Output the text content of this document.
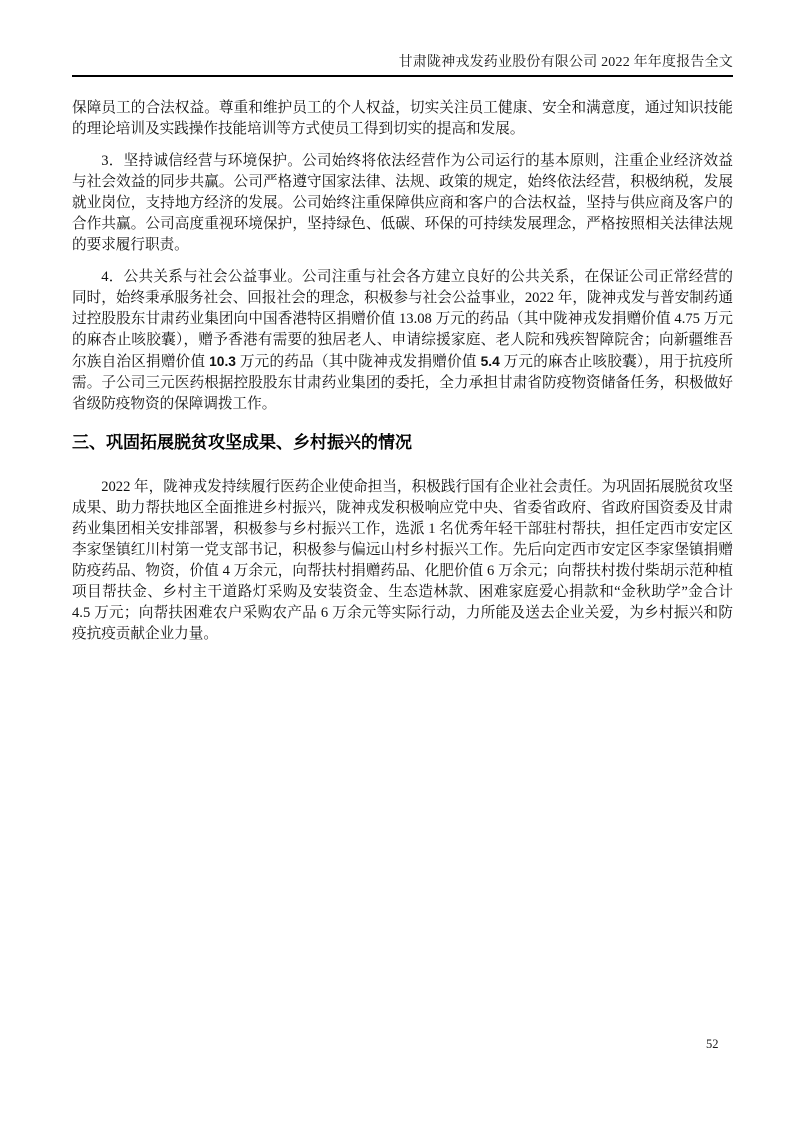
甘肃陇神戎发药业股份有限公司 2022 年年度报告全文

保障员工的合法权益。尊重和维护员工的个人权益，切实关注员工健康、安全和满意度，通过知识技能的理论培训及实践操作技能培训等方式使员工得到切实的提高和发展。

3．坚持诚信经营与环境保护。公司始终将依法经营作为公司运行的基本原则，注重企业经济效益与社会效益的同步共赢。公司严格遵守国家法律、法规、政策的规定，始终依法经营，积极纳税，发展就业岗位，支持地方经济的发展。公司始终注重保障供应商和客户的合法权益，坚持与供应商及客户的合作共赢。公司高度重视环境保护，坚持绿色、低碳、环保的可持续发展理念，严格按照相关法律法规的要求履行职责。

4．公共关系与社会公益事业。公司注重与社会各方建立良好的公共关系，在保证公司正常经营的同时，始终秉承服务社会、回报社会的理念，积极参与社会公益事业，2022 年，陇神戎发与普安制药通过控股股东甘肃药业集团向中国香港特区捐赠价值 13.08 万元的药品（其中陇神戎发捐赠价值 4.75 万元的麻杏止咳胶囊），赠予香港有需要的独居老人、申请综援家庭、老人院和残疾智障院舍；向新疆维吾尔族自治区捐赠价值 10.3 万元的药品（其中陇神戎发捐赠价值 5.4 万元的麻杏止咳胶囊），用于抗疫所需。子公司三元医药根据控股股东甘肃药业集团的委托，全力承担甘肃省防疫物资储备任务，积极做好省级防疫物资的保障调拨工作。

三、巩固拓展脱贫攻坚成果、乡村振兴的情况

2022 年，陇神戎发持续履行医药企业使命担当，积极践行国有企业社会责任。为巩固拓展脱贫攻坚成果、助力帮扶地区全面推进乡村振兴，陇神戎发积极响应党中央、省委省政府、省政府国资委及甘肃药业集团相关安排部署，积极参与乡村振兴工作，选派 1 名优秀年轻干部驻村帮扶，担任定西市安定区李家堡镇红川村第一党支部书记，积极参与偏远山村乡村振兴工作。先后向定西市安定区李家堡镇捐赠防疫药品、物资，价值 4 万余元，向帮扶村捐赠药品、化肥价值 6 万余元；向帮扶村拨付柴胡示范种植项目帮扶金、乡村主干道路灯采购及安装资金、生态造林款、困难家庭爱心捐款和“金秋助学”金合计 4.5 万元；向帮扶困难农户采购农产品 6 万余元等实际行动，力所能及送去企业关爱，为乡村振兴和防疫抗疫贡献企业力量。

52
